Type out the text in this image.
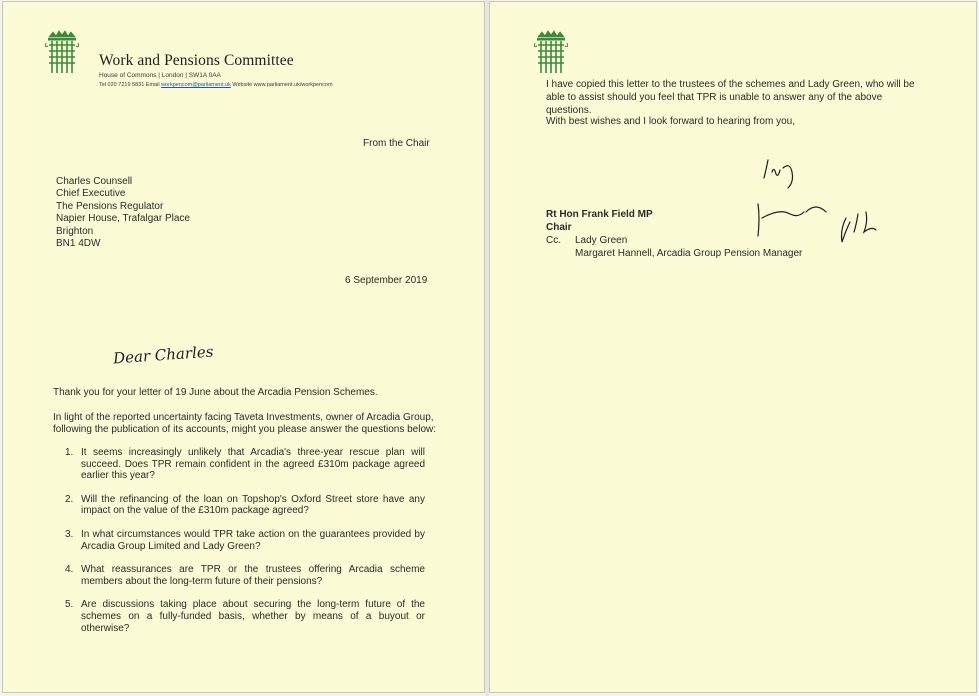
Work and Pensions Committee
House of Commons | London | SW1A 0AA
Tel 020 7219 5831 Email workpencom@parliament.uk Website www.parliament.uk/workpencom
From the Chair
Charles Counsell
Chief Executive
The Pensions Regulator
Napier House, Trafalgar Place
Brighton
BN1 4DW
6 September 2019
Dear Charles
Thank you for your letter of 19 June about the Arcadia Pension Schemes.
In light of the reported uncertainty facing Taveta Investments, owner of Arcadia Group,
following the publication of its accounts, might you please answer the questions below:
1. It seems increasingly unlikely that Arcadia's three-year rescue plan will succeed. Does TPR remain confident in the agreed £310m package agreed earlier this year?
2. Will the refinancing of the loan on Topshop's Oxford Street store have any impact on the value of the £310m package agreed?
3. In what circumstances would TPR take action on the guarantees provided by Arcadia Group Limited and Lady Green?
4. What reassurances are TPR or the trustees offering Arcadia scheme members about the long-term future of their pensions?
5. Are discussions taking place about securing the long-term future of the schemes on a fully-funded basis, whether by means of a buyout or otherwise?
I have copied this letter to the trustees of the schemes and Lady Green, who will be able to assist should you feel that TPR is unable to answer any of the above questions.
With best wishes and I look forward to hearing from you,
Rt Hon Frank Field MP
Chair
Cc. Lady Green
Margaret Hannell, Arcadia Group Pension Manager
